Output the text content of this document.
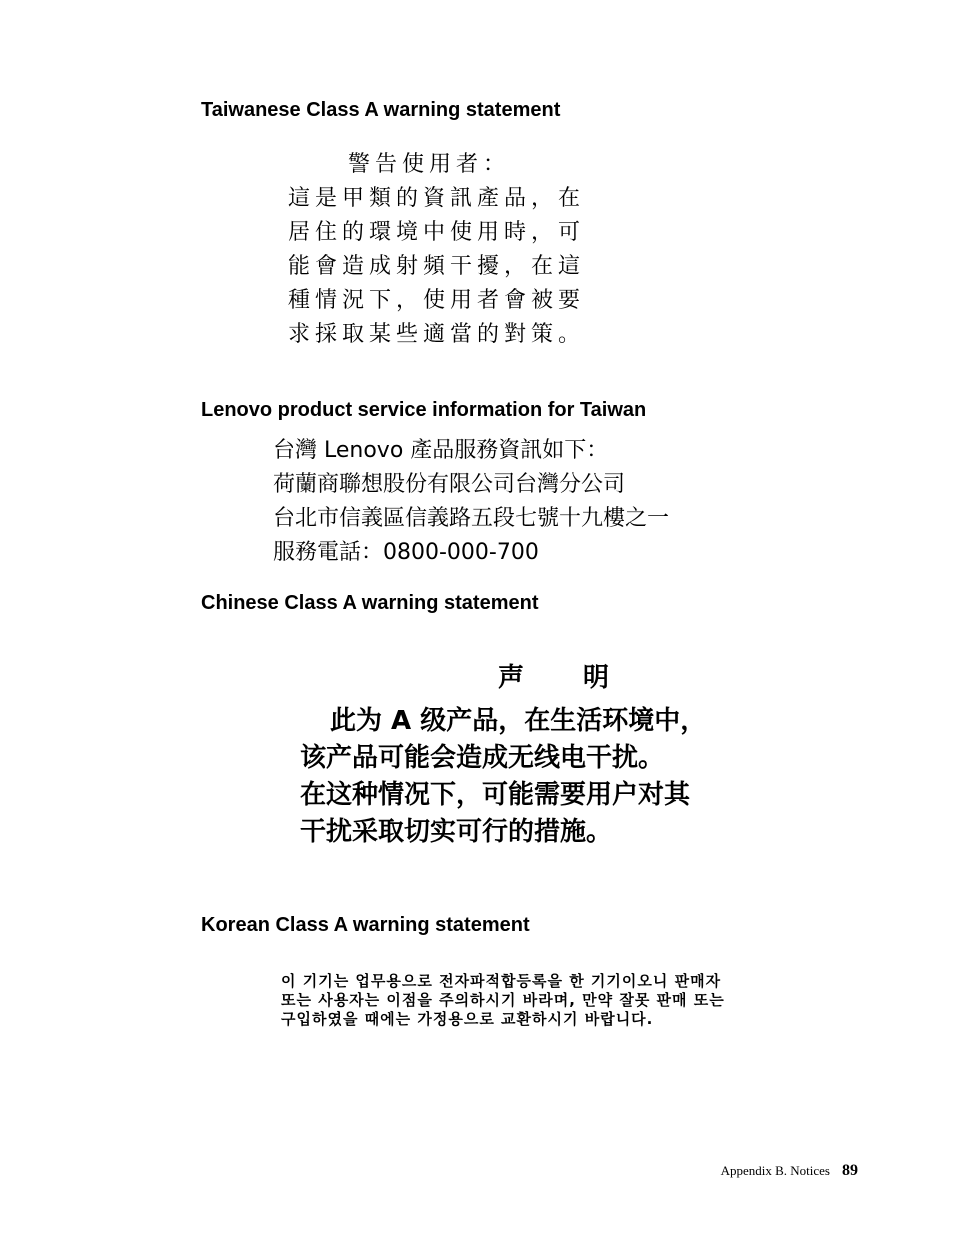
Taiwanese Class A warning statement
警告使用者：
這是甲類的資訊產品，在
居住的環境中使用時，可
能會造成射頻干擾，在這
種情況下，使用者會被要
求採取某些適當的對策。
Lenovo product service information for Taiwan
台灣 Lenovo 產品服務資訊如下：
荷蘭商聯想股份有限公司台灣分公司
台北市信義區信義路五段七號十九樓之一
服務電話：0800-000-700
Chinese Class A warning statement
声 明
此为 A 级产品，在生活环境中，
该产品可能会造成无线电干扰。
在这种情况下，可能需要用户对其
干扰采取切实可行的措施。
Korean Class A warning statement
이 기기는 업무용으로 전자파적합등록을 한 기기이오니 판매자
또는 사용자는 이점을 주의하시기 바라며, 만약 잘못 판매 또는
구입하였을 때에는 가정용으로 교환하시기 바랍니다.
Appendix B. Notices 89
